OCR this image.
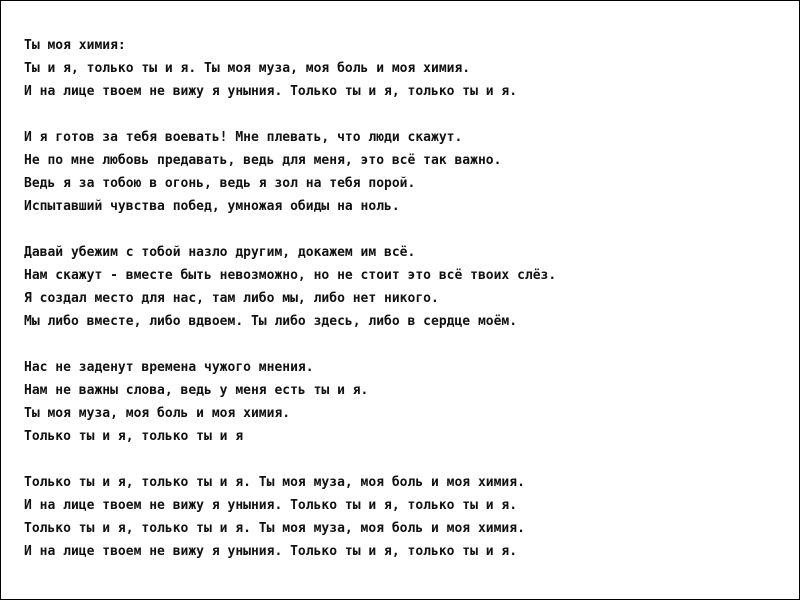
Ты моя химия:
Ты и я, только ты и я. Ты моя муза, моя боль и моя химия.
И на лице твоем не вижу я уныния. Только ты и я, только ты и я.
И я готов за тебя воевать! Мне плевать, что люди скажут.
Не по мне любовь предавать, ведь для меня, это всё так важно.
Ведь я за тобою в огонь, ведь я зол на тебя порой.
Испытавший чувства побед, умножая обиды на ноль.
Давай убежим с тобой назло другим, докажем им всё.
Нам скажут - вместе быть невозможно, но не стоит это всё твоих слёз.
Я создал место для нас, там либо мы, либо нет никого.
Мы либо вместе, либо вдвоем. Ты либо здесь, либо в сердце моём.
Нас не заденут времена чужого мнения.
Нам не важны слова, ведь у меня есть ты и я.
Ты моя муза, моя боль и моя химия.
Только ты и я, только ты и я
Только ты и я, только ты и я. Ты моя муза, моя боль и моя химия.
И на лице твоем не вижу я уныния. Только ты и я, только ты и я.
Только ты и я, только ты и я. Ты моя муза, моя боль и моя химия.
И на лице твоем не вижу я уныния. Только ты и я, только ты и я.
